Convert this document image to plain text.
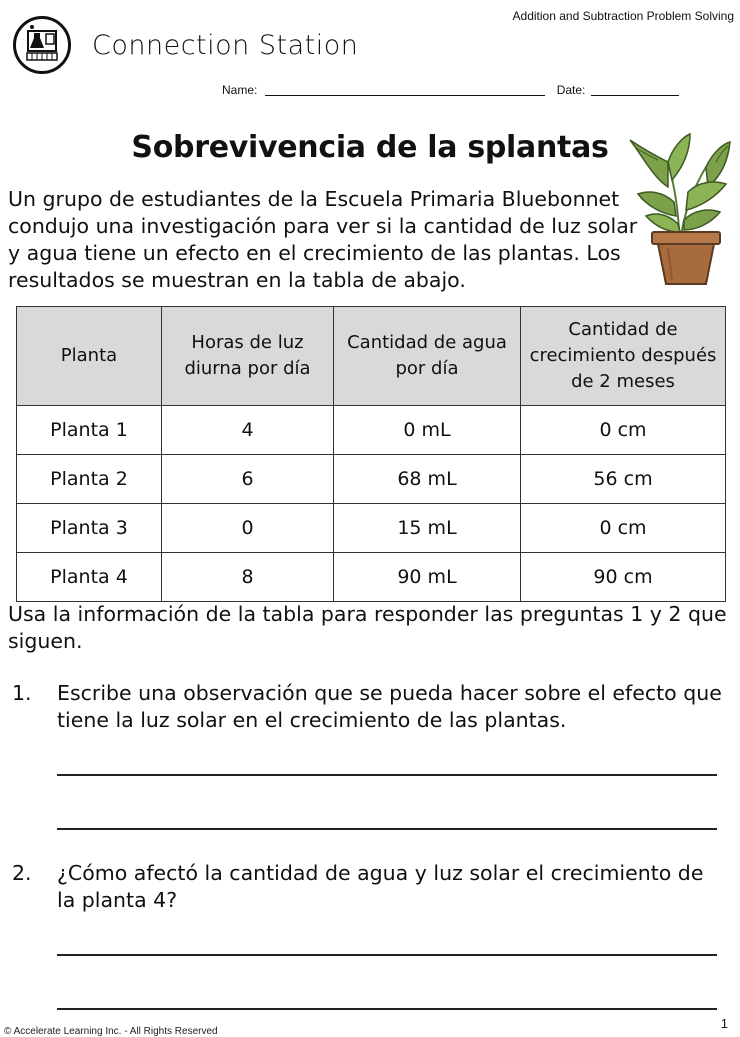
Addition and Subtraction Problem Solving
Connection Station
Name:	Date:
Sobrevivencia de la splantas
Un grupo de estudiantes de la Escuela Primaria Bluebonnet condujo una investigación para ver si la cantidad de luz solar y agua tiene un efecto en el crecimiento de las plantas. Los resultados se muestran en la tabla de abajo.
Planta	Horas de luz diurna por día	Cantidad de agua por día	Cantidad de crecimiento después de 2 meses
Planta 1	4	0 mL	0 cm
Planta 2	6	68 mL	56 cm
Planta 3	0	15 mL	0 cm
Planta 4	8	90 mL	90 cm
Usa la información de la tabla para responder las preguntas 1 y 2 que siguen.
1. Escribe una observación que se pueda hacer sobre el efecto que tiene la luz solar en el crecimiento de las plantas.
2. ¿Cómo afectó la cantidad de agua y luz solar el crecimiento de la planta 4?
© Accelerate Learning Inc. - All Rights Reserved
1
